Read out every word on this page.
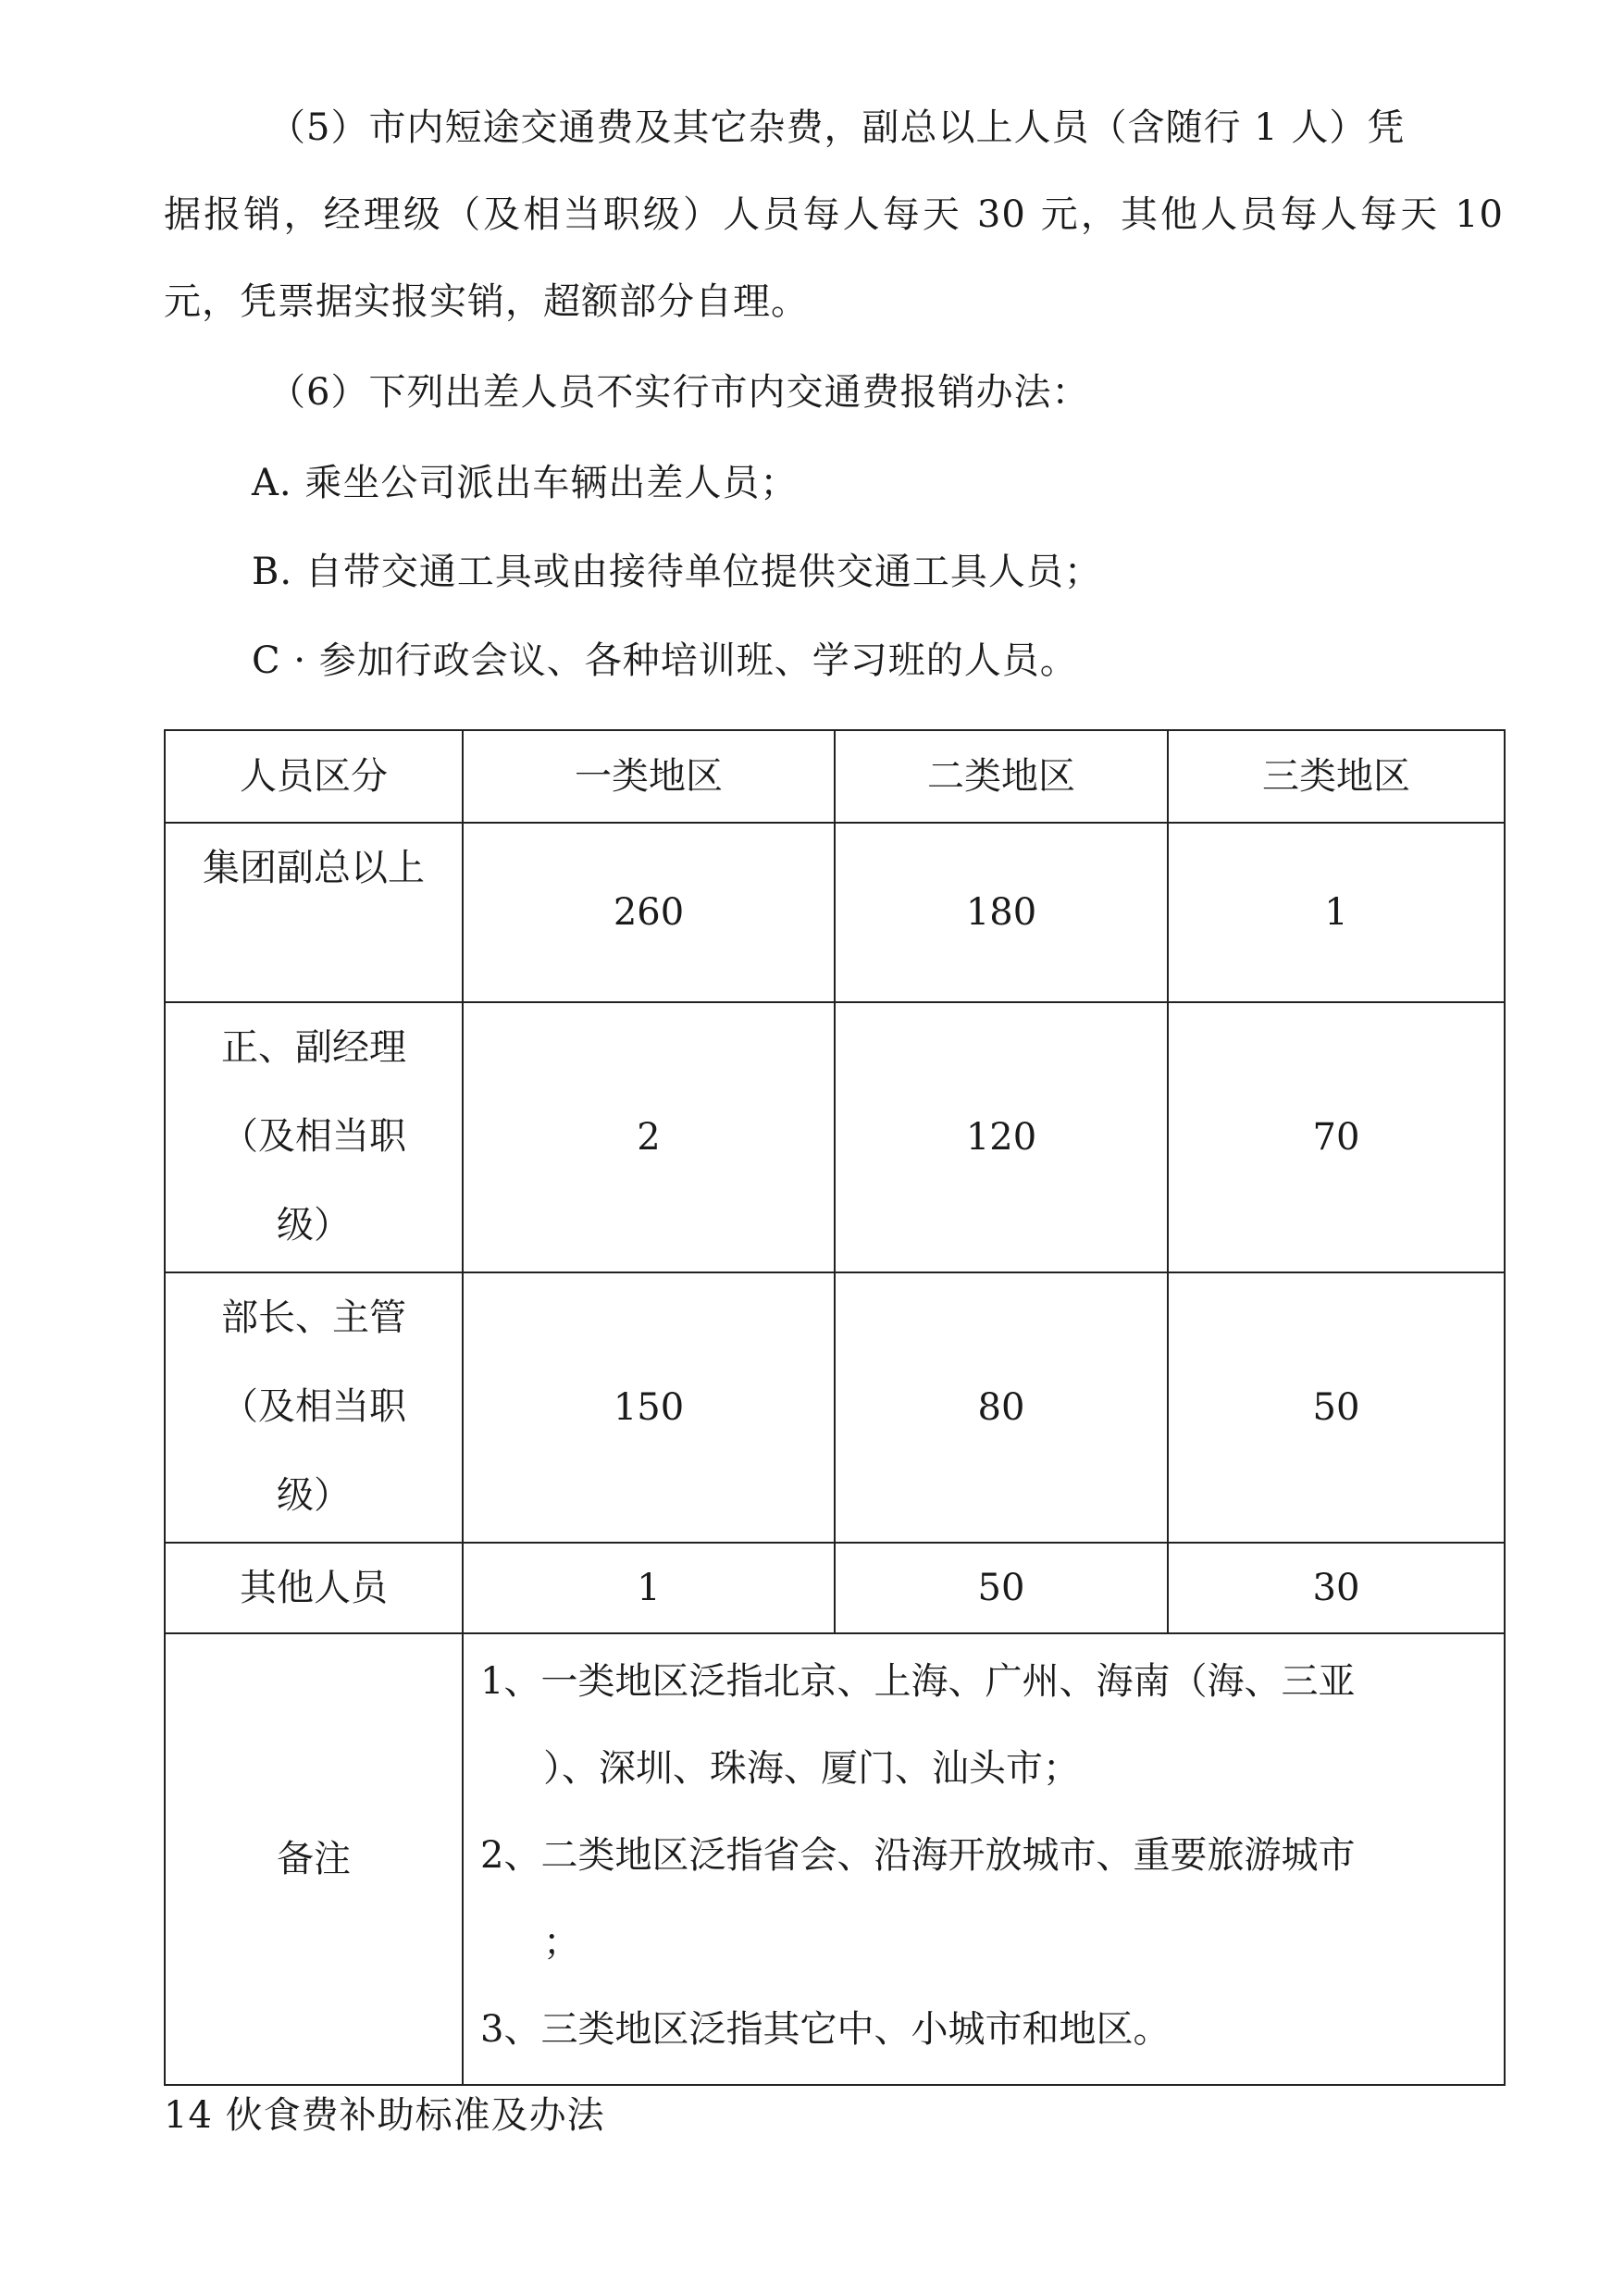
（5）市内短途交通费及其它杂费，副总以上人员（含随行 1 人）凭
据报销，经理级（及相当职级）人员每人每天 30 元，其他人员每人每天 10
元，凭票据实报实销，超额部分自理。
（6）下列出差人员不实行市内交通费报销办法：
A. 乘坐公司派出车辆出差人员；
B. 自带交通工具或由接待单位提供交通工具人员；
C · 参加行政会议、各种培训班、学习班的人员。
人员区分	一类地区	二类地区	三类地区
集团副总以上	260	180	1

正、副经理
（及相当职
级）	2	120	70

部长、主管
（及相当职
级）	150	80	50
其他人员	1	50	30
备注	1、一类地区泛指北京、上海、广州、海南（海、三亚
）、深圳、珠海、厦门、汕头市；
2、二类地区泛指省会、沿海开放城市、重要旅游城市
；
3、三类地区泛指其它中、小城市和地区。		
14 伙食费补助标准及办法
